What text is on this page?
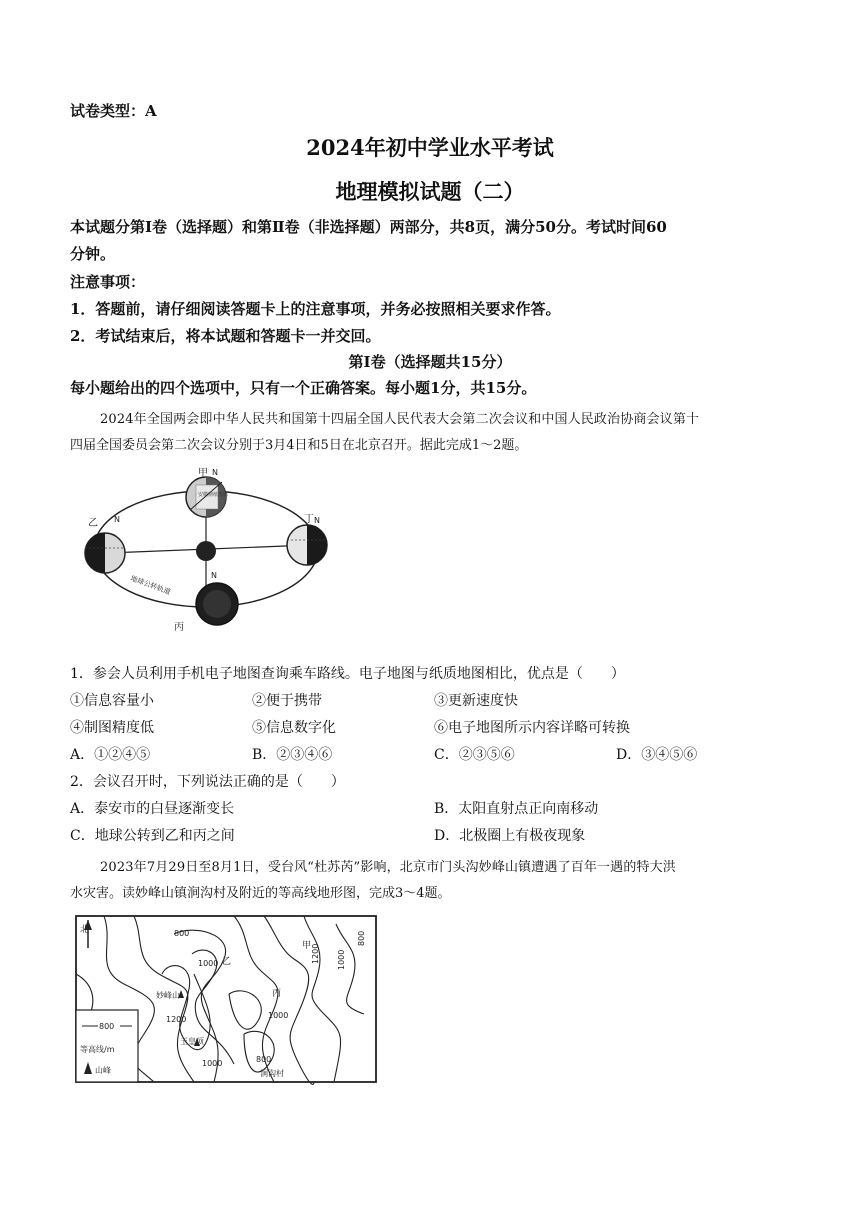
试卷类型：A
2024年初中学业水平考试
地理模拟试题（二）
本试题分第Ⅰ卷（选择题）和第Ⅱ卷（非选择题）两部分，共8页，满分50分。考试时间60
分钟。
注意事项：
1．答题前，请仔细阅读答题卡上的注意事项，并务必按照相关要求作答。
2．考试结束后，将本试题和答题卡一并交回。
第Ⅰ卷（选择题共15分）
每小题给出的四个选项中，只有一个正确答案。每小题1分，共15分。
2024年全国两会即中华人民共和国第十四届全国人民代表大会第二次会议和中国人民政治协商会议第十
四届全国委员会第二次会议分别于3月4日和5日在北京召开。据此完成1～2题。
甲 N
安徽鼎纸传媒
乙 N	丁 N
丙
N
地球公转轨道
1．参会人员利用手机电子地图查询乘车路线。电子地图与纸质地图相比，优点是（　　）
①信息容量小	②便于携带	③更新速度快
④制图精度低	⑤信息数字化	⑥电子地图所示内容详略可转换
A．①②④⑤	B．②③④⑥	C．②③⑤⑥	D．③④⑤⑥
2．会议召开时，下列说法正确的是（　　）
A．泰安市的白昼逐渐变长	B．太阳直射点正向南移动
C．地球公转到乙和丙之间	D．北极圈上有极夜现象
2023年7月29日至8月1日，受台风“杜苏芮”影响，北京市门头沟妙峰山镇遭遇了百年一遇的特大洪
水灾害。读妙峰山镇涧沟村及附近的等高线地形图，完成3～4题。
北
800
等高线/m
山峰
800
1000 乙
甲 1200 1000
800
妙峰山
1200
丙
1000
玉皇顶
1000	800
涧沟村
